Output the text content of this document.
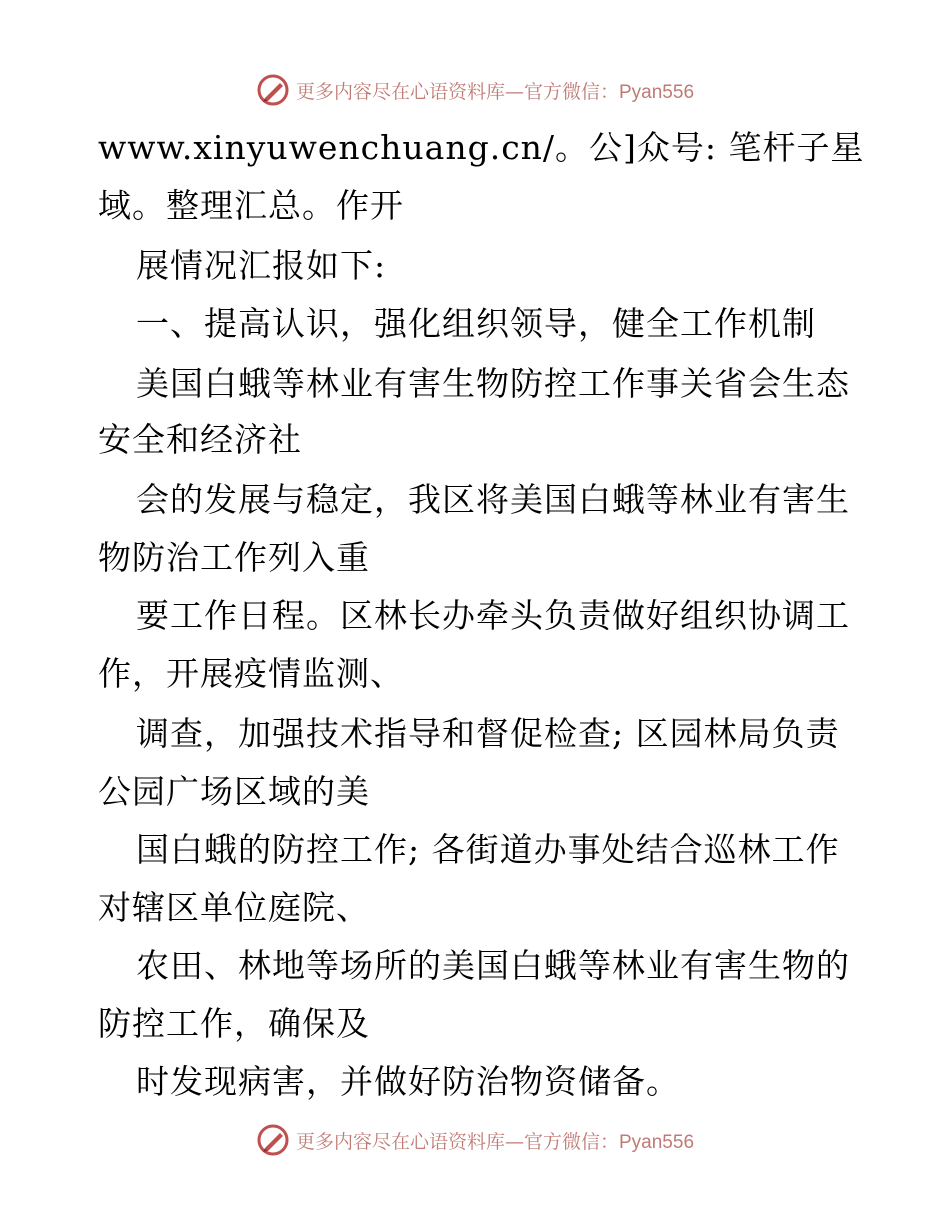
更多内容尽在心语资料库—官方微信：Pyan556
www.xinyuwenchuang.cn/。公]众号: 笔杆子星
域。整理汇总。作开
展情况汇报如下:
一、提高认识，强化组织领导，健全工作机制
美国白蛾等林业有害生物防控工作事关省会生态
安全和经济社
会的发展与稳定，我区将美国白蛾等林业有害生
物防治工作列入重
要工作日程。区林长办牵头负责做好组织协调工
作，开展疫情监测、
调查，加强技术指导和督促检查; 区园林局负责
公园广场区域的美
国白蛾的防控工作; 各街道办事处结合巡林工作
对辖区单位庭院、
农田、林地等场所的美国白蛾等林业有害生物的
防控工作，确保及
时发现病害，并做好防治物资储备。
更多内容尽在心语资料库—官方微信：Pyan556
